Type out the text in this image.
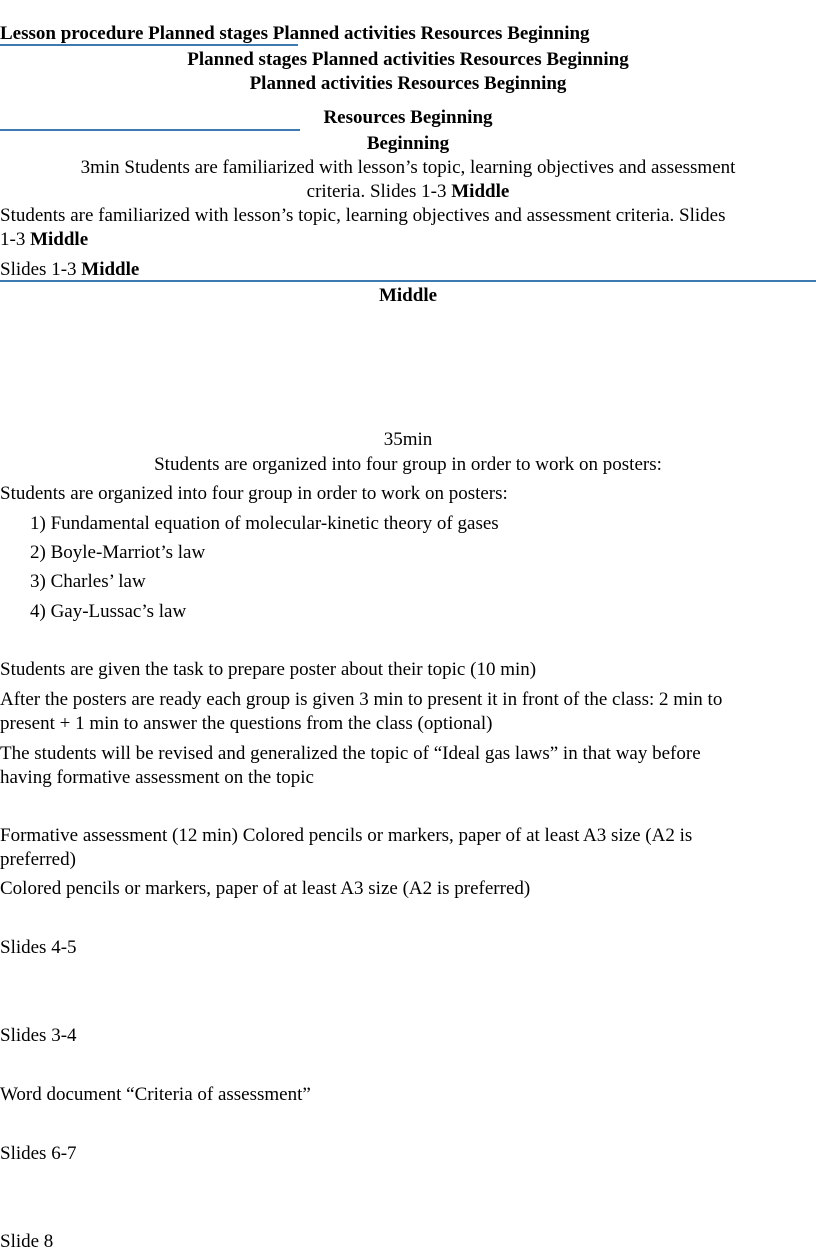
Lesson procedure Planned stages Planned activities Resources Beginning
Planned stages Planned activities Resources Beginning
Planned activities Resources Beginning
Resources Beginning
Beginning
3min Students are familiarized with lesson’s topic, learning objectives and assessment
criteria. Slides 1-3 Middle
Students are familiarized with lesson’s topic, learning objectives and assessment criteria. Slides
1-3 Middle
Slides 1-3 Middle
Middle
35min
Students are organized into four group in order to work on posters:
Students are organized into four group in order to work on posters:
1) Fundamental equation of molecular-kinetic theory of gases
2) Boyle-Marriot’s law
3) Charles’ law
4) Gay-Lussac’s law
Students are given the task to prepare poster about their topic (10 min)
After the posters are ready each group is given 3 min to present it in front of the class: 2 min to
present + 1 min to answer the questions from the class (optional)
The students will be revised and generalized the topic of “Ideal gas laws” in that way before
having formative assessment on the topic
Formative assessment (12 min) Colored pencils or markers, paper of at least A3 size (A2 is
preferred)
Colored pencils or markers, paper of at least A3 size (A2 is preferred)
Slides 4-5
Slides 3-4
Word document “Criteria of assessment”
Slides 6-7
Slide 8
